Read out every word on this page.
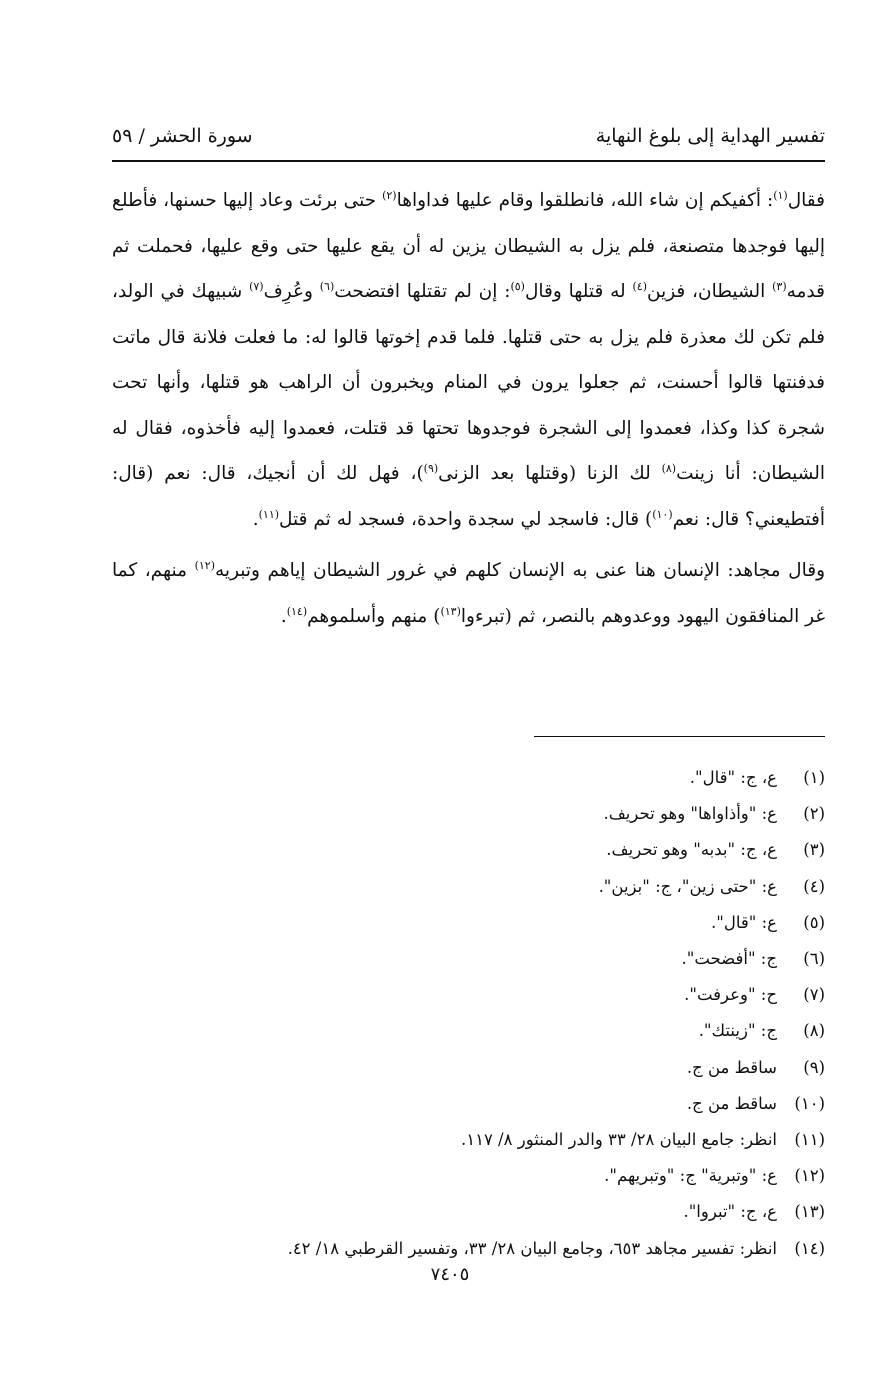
تفسير الهداية إلى بلوغ النهاية
سورة الحشر / ٥٩

فقال$^{(١)}$: أكفيكم إن شاء الله، فانطلقوا وقام عليها فداواها$^{(٢)}$ حتى برئت وعاد إليها حسنها، فأطلع إليها فوجدها متصنعة، فلم يزل به الشيطان يزين له أن يقع عليها حتى وقع عليها، فحملت ثم قدمه$^{(٣)}$ الشيطان، فزين$^{(٤)}$ له قتلها وقال$^{(٥)}$: إن لم تقتلها افتضحت$^{(٦)}$ وعُرِف$^{(٧)}$ شبيهك في الولد، فلم تكن لك معذرة فلم يزل به حتى قتلها. فلما قدم إخوتها قالوا له: ما فعلت فلانة قال ماتت فدفنتها قالوا أحسنت، ثم جعلوا يرون في المنام ويخبرون أن الراهب هو قتلها، وأنها تحت شجرة كذا وكذا، فعمدوا إلى الشجرة فوجدوها تحتها قد قتلت، فعمدوا إليه فأخذوه، فقال له الشيطان: أنا زينت$^{(٨)}$ لك الزنا (وقتلها بعد الزنى$^{(٩)}$)، فهل لك أن أنجيك، قال: نعم (قال: أفتطيعني؟ قال: نعم$^{(١٠)}$) قال: فاسجد لي سجدة واحدة، فسجد له ثم قتل$^{(١١)}$.

وقال مجاهد: الإنسان هنا عنى به الإنسان كلهم في غرور الشيطان إياهم وتبريه$^{(١٢)}$ منهم، كما غر المنافقون اليهود ووعدوهم بالنصر، ثم (تبرءوا$^{(١٣)}$) منهم وأسلموهم$^{(١٤)}$.

(١)
ع، ج: "قال".
(٢)
ع: "وأذاواها" وهو تحريف.
(٣)
ع، ج: "بدبه" وهو تحريف.
(٤)
ع: "حتى زين"، ج: "بزين".
(٥)
ع: "قال".
(٦)
ج: "أفضحت".
(٧)
ح: "وعرفت".
(٨)
ج: "زينتك".
(٩)
ساقط من ج.
(١٠)
ساقط من ج.
(١١)
انظر: جامع البيان ٢٨/ ٣٣ والدر المنثور ٨/ ١١٧.
(١٢)
ع: "وتبرية" ج: "وتبريهم".
(١٣)
ع، ج: "تبروا".
(١٤)
انظر: تفسير مجاهد ٦٥٣، وجامع البيان ٢٨/ ٣٣، وتفسير القرطبي ١٨/ ٤٢.
٧٤٠٥
